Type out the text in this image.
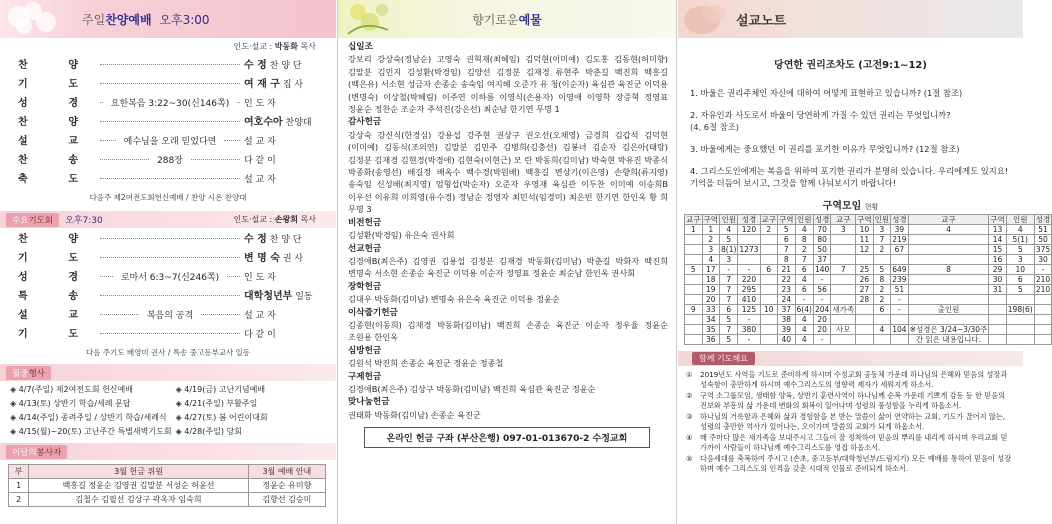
주일찬양예배 오후3:00
인도·설교 : 박동화 목사
찬	양	수 정 찬 양 단
기	도	여 재 구 집 사
성	경	요한복음 3:22~30(신146쪽)	인 도 자
찬	양	여호수아 찬양대
설	교	예수님을 오래 믿었다면	설 교 자
찬	송	288장	다 같 이
축	도	설 교 자
다음주 제2여전도회헌신예배 / 찬양 시온 찬양대
수요기도회	오후7:30	인도·설교 : 손왕희 목사
찬	양	수 정 찬 양 단
기	도	변 명 숙 권 사
성	경	로마서 6:3~7(신246쪽)	인 도 자
특	송	대학청년부 일동
설	교	복음의 공격	설 교 자
기	도	다 같 이
다음 주기도 배영미 권사 / 특송 중고등부교사 일동
월중행사
◈ 4/7(주일) 제2여전도회 헌신예배	◈ 4/19(금) 고난기념예배
◈ 4/13(토) 상반기 학습/세례 문답	◈ 4/21(주일) 부활주일
◈ 4/14(주일) 종려주일 / 상반기 학습/세례식	◈ 4/27(토) 봄 어린이대회
◈ 4/15(월)~20(토) 고난주간 특별새벽기도회 ◈ 4/28(주일) 당회
이달의봉사자
부	3월 헌금 위원	3월 예배 안내
1	백흥길 정윤순 김영권 김말분 서성순 허윤선	정윤순 유미향
2	김철수 김필선 김상구 곽옥자 임숙희	김향선 김승미
향기로운예물
십일조

강보리 강상숙(정남순) 고영숙 권혁재(최혜임) 김덕현(이미예) 김도홍 김동현(허미향) 김말분 김민지 김성환(박경임) 김양선 김정분 김재경 류현주 박춘길 백진희 백흥길(백은유) 서소현 성금자 손종순 송숙임 여지혜 오준가 유 청(이순자) 육심관 육진군 이덕용(변명숙) 이상철(박혜림) 이주연 이하름 이영식(손용자) 이영애 이영학 장증혁 정영표 정윤순 정찬순 조순자 주석진(강은선) 최순남 한기연 무명 1

감사헌금

강상숙 강신식(한경심) 강용섭 강주현 권상구 권오선(오채영) 금경희 김갑석 김덕현(이미예) 김동식(조의연) 김말분 김민주 김병희(김충선) 김봉녀 김순자 김은아(태랑) 김정분 김재경 김현경(박경애) 김현숙(이현근) 모 란 박동희(김미남) 박숙현 박유진 박종식 박종화(송영선) 배길정 배옥수 백수경(박원배) 백흥길 변상기(이은영) 손향희(류지영) 송숙임 신성배(최지영) 엄형섭(박순자) 오준자 우영재 육심관 이두찬 이미예 이승희B 이우선 이유희 이희영(유수경) 정남순 정영자 최민석(임경미) 최은빈 한기연 한인옥 황 희 무명 3

비전헌금

김성환(박경임) 유은숙 권사회

선교헌금

김경애B(최은주) 김영권 김용섭 김정분 김재경 박동화(김미남) 박춘길 박화자 백진희 변명숙 서소현 손종순 육진군 이덕용 이순자 정영표 정윤순 최순남 한인옥 권사회

장학헌금

김대우 박동화(김미남) 변명숙 유은숙 육진군 이덕용 정윤순

이삭줍기헌금

김종현(이동희) 김재경 박동화(김미남) 백진희 손종순 육진군 이순자 정우율 정윤순 조원용 한인옥

심방헌금

김원석 박진희 손종순 육진군 정윤순 정종철

구제헌금

김경애B(최은주) 김상구 박동화(김미남) 백진희 육심관 육진군 정윤순

맞나눔헌금

권태화 박동화(김미남) 손종순 육진군

온라인 헌금 구좌 (부산은행) 097-01-013670-2 수정교회
설교노트
당연한 권리조차도 (고전9:1~12)
1. 바울은 권리주체인 자신에 대하여 어떻게 표현하고 있습니까? (1절 참조)
2. 자유인과 사도로서 바울이 당연하게 가질 수 있던 권리는 무엇입니까?
(4, 6절 참조)
3. 바울에게는 중요했던 이 권리를 포기한 이유가 무엇입니까? (12절 참조)
4. 그리스도인에게는 복음을 위하여 포기한 권리가 분명히 있습니다. 우리에게도 있지요! 기억을 더듬어 보시고, 그것을 함께 나눠보시기 바랍니다!
구역모임 현황
교구	구역	인원	성경	교구	구역	인원	성경	교구	구역	인원	성경	교구	구역	인원	성경
1	1	4	120	2	5	4	70	3	10	3	39	4	13	4	51
	2	5			6	8	80		11	7	219		14	5(1)	50
	3	8(1)	1273		7	2	50		12	2	67		15	5	375
	4	3			8	7	37						16	3	30
5	17	-	-	6	21	6	140	7	25	5	649	8	29	10	-
	18	7	220		22	4	-		26	8	239		30	6	210
	19	7	295		23	6	56		27	2	51		31	5	210
	20	7	410		24	-	-		28	2	-				
9	33	6	125	10	37	6(4)	204	새가족		6	-	출인원		198(6)	
	34	5	-		38	4	20								
	35	7	380		39	4	20	사모		4	104	※성경은 3/24~3/30주			
	36	5	-		40	4	-					간 읽은 내용입니다.			
함께 기도해요
①	2019년도 사역을 기도로 준비하게 하시며 수정교회 공동체 가운데 하나님의 은혜와 믿음의 성장과 성숙함이 충만하게 하시며 예수그리스도의 영향력 제자가 세워지게 하소서.
②	구역 소그룹모임, 생태함 양육, 상반기 훈련사역이 하나님께 순복 가운데 기쁘게 감동 등 한 믿음의 진보와 부흥의 삶 가운데 변화의 회복이 일어나며 성령의 풍성함을 누리게 하옵소서.
③	하나님의 거룩함과 은혜와 삶과 경험함을 본 받는 말씀이 삶이 연약하는 교회, 기도가 끊어지 않는, 성령의 충만한 역사가 있어나는, 오이가며 말씀의 교회가 되게 하옵소서.
④	매 주마다 많은 새가족을 보내주시고 그들이 잘 정착하여 믿음의 뿌리를 내리게 하시며 우리교회 믿 가까이 사람들이 하나님께 예수그리스도를 영접 하옵소서.
⑤	다음세대를 축복하여 주시고 (손초, 중고등부/대학청년부/드림지기) 모든 예배를 통하여 믿음이 성장하며 예수 그리스도의 인격을 갖춘 시대적 인물로 준비되게 하소서.
